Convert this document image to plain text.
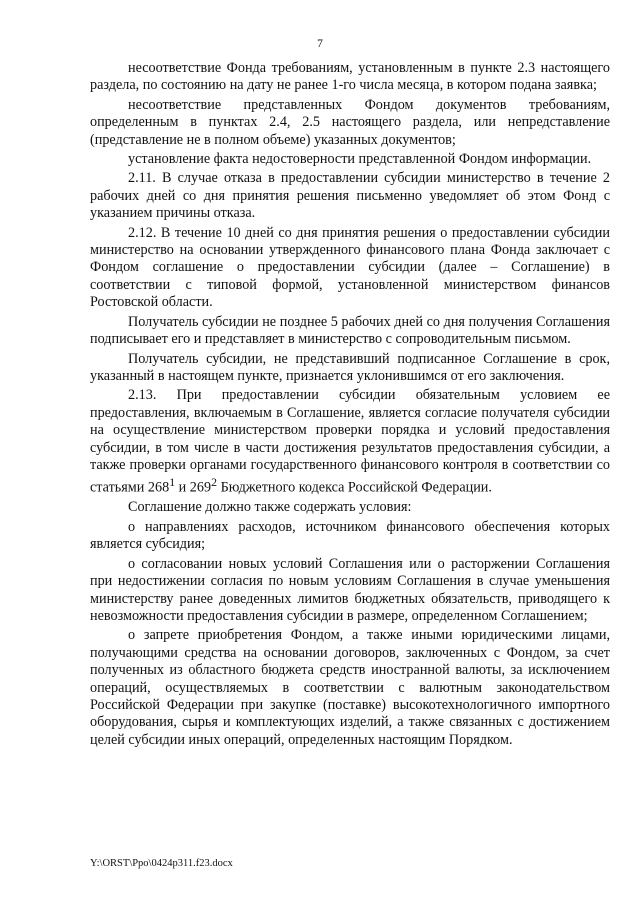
7

несоответствие Фонда требованиям, установленным в пункте 2.3 настоящего раздела, по состоянию на дату не ранее 1-го числа месяца, в котором подана заявка;

несоответствие представленных Фондом документов требованиям, определенным в пунктах 2.4, 2.5 настоящего раздела, или непредставление (представление не в полном объеме) указанных документов;

установление факта недостоверности представленной Фондом информации.

2.11. В случае отказа в предоставлении субсидии министерство в течение 2 рабочих дней со дня принятия решения письменно уведомляет об этом Фонд с указанием причины отказа.

2.12. В течение 10 дней со дня принятия решения о предоставлении субсидии министерство на основании утвержденного финансового плана Фонда заключает с Фондом соглашение о предоставлении субсидии (далее – Соглашение) в соответствии с типовой формой, установленной министерством финансов Ростовской области.

Получатель субсидии не позднее 5 рабочих дней со дня получения Соглашения подписывает его и представляет в министерство с сопроводительным письмом.

Получатель субсидии, не представивший подписанное Соглашение в срок, указанный в настоящем пункте, признается уклонившимся от его заключения.

2.13. При предоставлении субсидии обязательным условием ее предоставления, включаемым в Соглашение, является согласие получателя субсидии на осуществление министерством проверки порядка и условий предоставления субсидии, в том числе в части достижения результатов предоставления субсидии, а также проверки органами государственного финансового контроля в соответствии со статьями $268^1$ и $269^2$ Бюджетного кодекса Российской Федерации.

Соглашение должно также содержать условия:

о направлениях расходов, источником финансового обеспечения которых является субсидия;

о согласовании новых условий Соглашения или о расторжении Соглашения при недостижении согласия по новым условиям Соглашения в случае уменьшения министерству ранее доведенных лимитов бюджетных обязательств, приводящего к невозможности предоставления субсидии в размере, определенном Соглашением;

о запрете приобретения Фондом, а также иными юридическими лицами, получающими средства на основании договоров, заключенных с Фондом, за счет полученных из областного бюджета средств иностранной валюты, за исключением операций, осуществляемых в соответствии с валютным законодательством Российской Федерации при закупке (поставке) высокотехнологичного импортного оборудования, сырья и комплектующих изделий, а также связанных с достижением целей субсидии иных операций, определенных настоящим Порядком.

Y:\ORST\Ppo\0424p311.f23.docx
